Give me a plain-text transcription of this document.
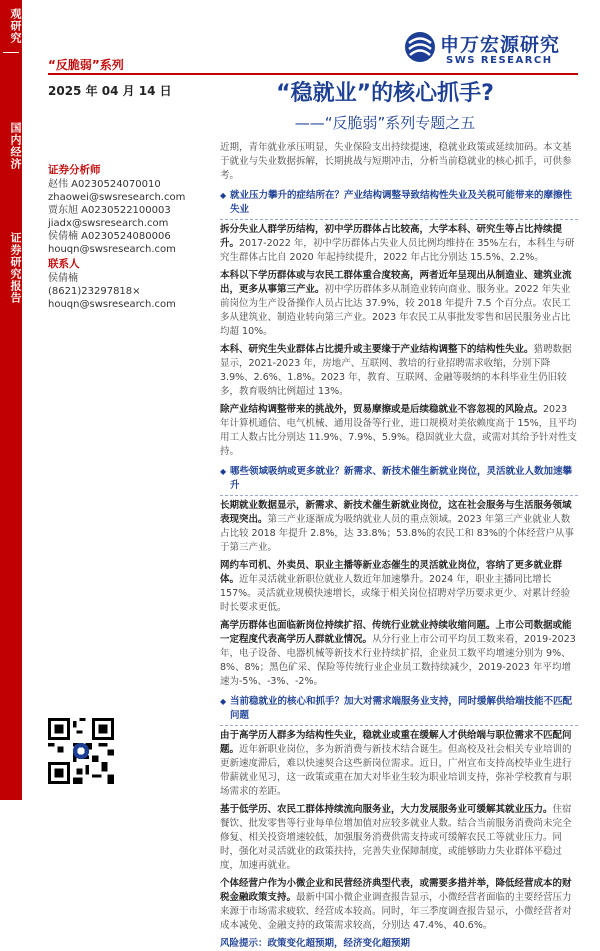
观研究
国内经济
证券研究报告
“反脆弱”系列
申万宏源研究
SWS RESEARCH
2025 年 04 月 14 日	“稳就业”的核心抓手?
——“反脆弱”系列专题之五
证券分析师
赵伟 A0230524070010
zhaowei@swsresearch.com
贾东旭 A0230522100003
jiadx@swsresearch.com
侯倩楠 A0230524080006
houqn@swsresearch.com
联系人
侯倩楠
(8621)23297818×
houqn@swsresearch.com

近期，青年就业承压明显，失业保险支出持续提速，稳就业政策或延续加码。本文基于就业与失业数据拆解，长期挑战与短期冲击，分析当前稳就业的核心抓手，可供参考。

◆ 就业压力攀升的症结所在？产业结构调整导致结构性失业及关税可能带来的摩擦性失业

拆分失业人群学历结构，初中学历群体占比较高，大学本科、研究生等占比持续提升。2017-2022 年，初中学历群体占失业人员比例均维持在 35%左右，本科生与研究生群体占比自 2020 年起持续提升，2022 年占比分别达 15.5%、2.2%。

本科以下学历群体或与农民工群体重合度较高，两者近年呈现出从制造业、建筑业流出，更多从事第三产业。初中学历群体多从制造业转向商业、服务业。2022 年失业前岗位为生产设备操作人员占比达 37.9%，较 2018 年提升 7.5 个百分点。农民工多从建筑业、制造业转向第三产业。2023 年农民工从事批发零售和居民服务业占比均超 10%。

本科、研究生失业群体占比提升或主要缘于产业结构调整下的结构性失业。猎聘数据显示，2021-2023 年，房地产、互联网、教培的行业招聘需求收缩，分别下降 3.9%、2.6%、1.8%。2023 年，教育、互联网、金融等吸纳的本科毕业生仍旧较多，教育吸纳比例超过 13%。

除产业结构调整带来的挑战外，贸易摩擦或是后续稳就业不容忽视的风险点。2023 年计算机通信、电气机械、通用设备等行业，进口规模对美依赖度高于 15%，且平均用工人数占比分别达 11.9%、7.9%、5.9%。稳固就业大盘，或需对其给予针对性支持。

◆ 哪些领域吸纳或更多就业？新需求、新技术催生新就业岗位，灵活就业人数加速攀升

长期就业数据显示，新需求、新技术催生新就业岗位，这在社会服务与生活服务领域表现突出。第三产业逐渐成为吸纳就业人员的重点领域。2023 年第三产业就业人数占比较 2018 年提升 2.8%，达 33.8%；53.8%的农民工和 83%的个体经营户从事于第三产业。

网约车司机、外卖员、职业主播等新业态催生的灵活就业岗位，容纳了更多就业群体。近年灵活就业新职位就业人数近年加速攀升。2024 年，职业主播同比增长 157%。灵活就业规模快速增长，或缘于相关岗位招聘对学历要求更少、对累计经验时长要求更低。

高学历群体也面临新岗位持续扩招、传统行业就业持续收缩问题。上市公司数据或能一定程度代表高学历人群就业情况。从分行业上市公司平均员工数来看，2019-2023 年，电子设备、电器机械等新技术行业持续扩招，企业员工数平均增速分别为 9%、8%、8%；黑色矿采、保险等传统行业企业员工数持续减少，2019-2023 年平均增速为-5%、-3%、-2%。

◆ 当前稳就业的核心和抓手？加大对需求端服务业支持，同时缓解供给端技能不匹配问题

由于高学历人群多为结构性失业，稳就业或重在缓解人才供给端与职位需求不匹配问题。近年新职业岗位，多为新消费与新技术结合诞生。但高校及社会相关专业培训的更新速度滞后，难以快速契合这些新岗位需求。近日，广州宣布支持高校毕业生进行带薪就业见习，这一政策或重在加大对毕业生较为职业培训支持，弥补学校教育与职场需求的差距。

基于低学历、农民工群体持续流向服务业，大力发展服务业可缓解其就业压力。住宿餐饮、批发零售等行业每单位增加值对应较多就业人数。结合当前服务消费尚未完全修复、相关投资增速较低，加强服务消费供需支持或可缓解农民工等就业压力。同时，强化对灵活就业的政策扶持，完善失业保障制度，或能够助力失业群体平稳过度，加速再就业。

个体经营户作为小微企业和民营经济典型代表，或需要多措并举，降低经营成本的财税金融政策支持。最新中国小微企业调查报告显示，小微经营者面临的主要经营压力来源于市场需求疲软、经营成本较高。同时，年三季度调查报告显示，小微经营者对成本减免、金融支持的政策需求较高，分别达 47.4%、40.6%。

风险提示：政策变化超预期，经济变化超预期
